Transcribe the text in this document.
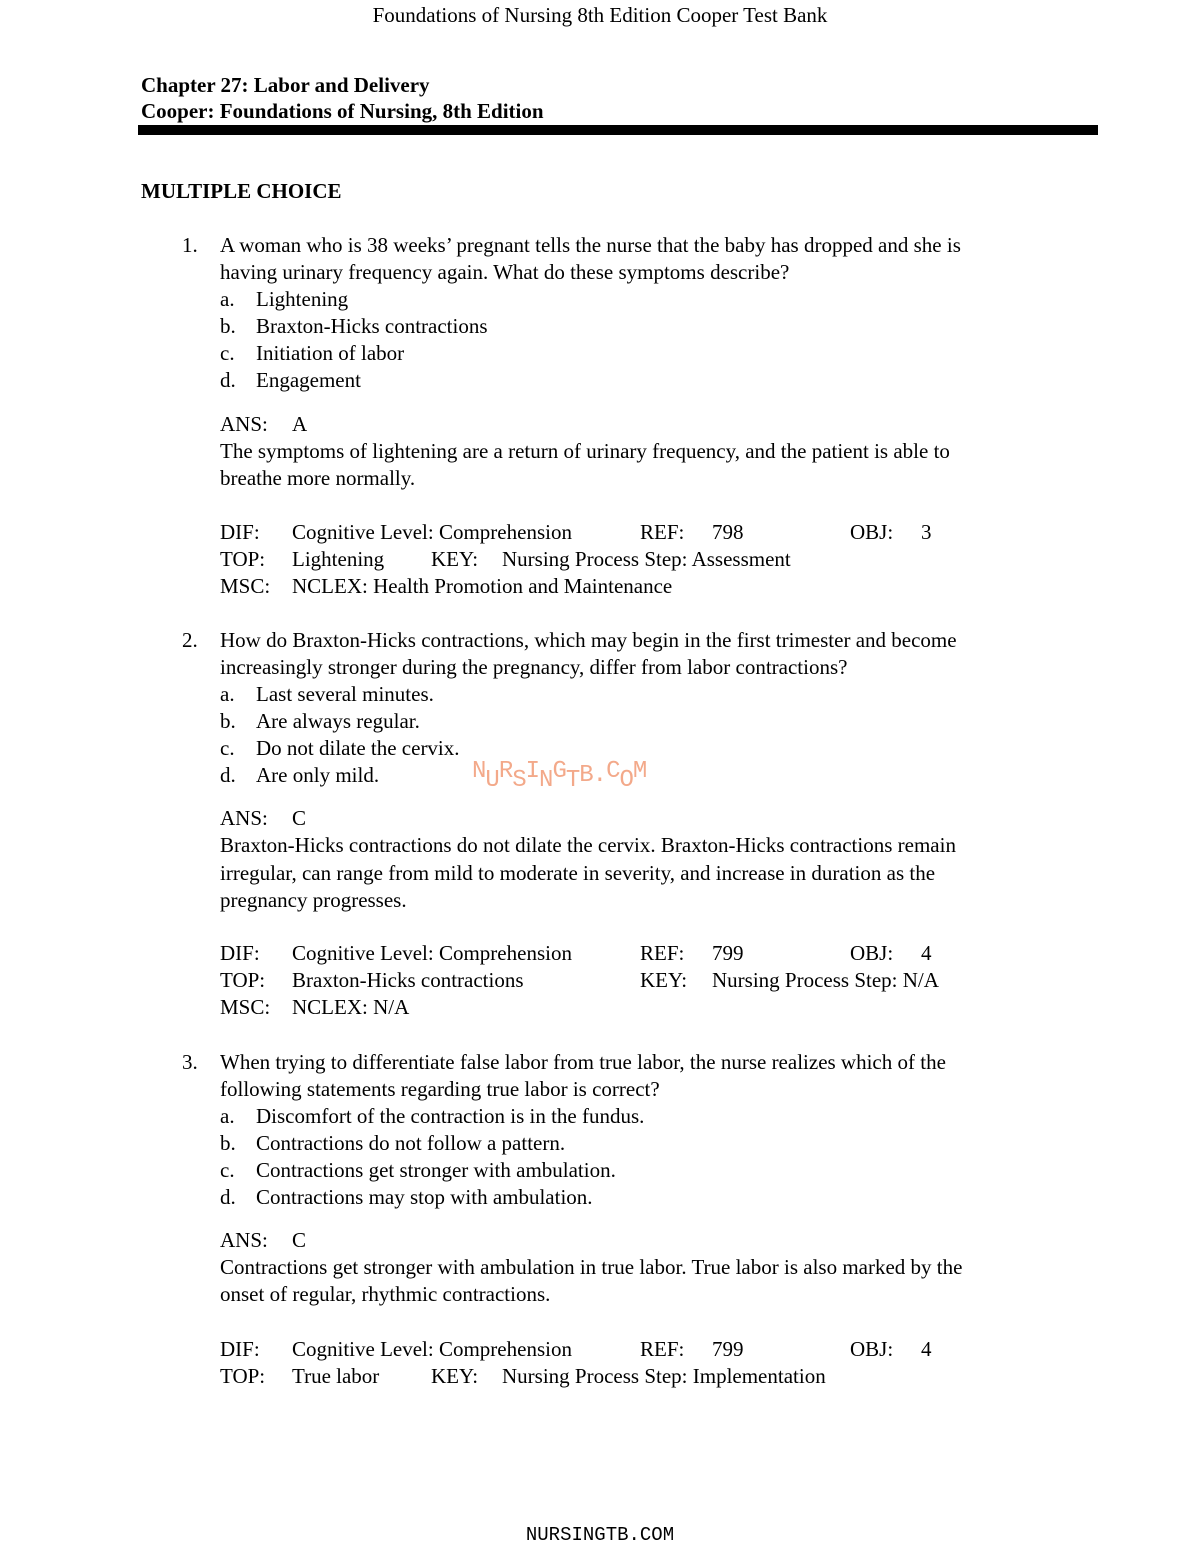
Foundations of Nursing 8th Edition Cooper Test Bank
Chapter 27: Labor and Delivery
Cooper: Foundations of Nursing, 8th Edition
MULTIPLE CHOICE
1. A woman who is 38 weeks’ pregnant tells the nurse that the baby has dropped and she is
having urinary frequency again. What do these symptoms describe?
a. Lightening
b. Braxton-Hicks contractions
c. Initiation of labor
d. Engagement
ANS: A
The symptoms of lightening are a return of urinary frequency, and the patient is able to
breathe more normally.
DIF: Cognitive Level: Comprehension	REF: 798	OBJ: 3
TOP: Lightening KEY: Nursing Process Step: Assessment
MSC: NCLEX: Health Promotion and Maintenance
2. How do Braxton-Hicks contractions, which may begin in the first trimester and become
increasingly stronger during the pregnancy, differ from labor contractions?
a. Last several minutes.
b. Are always regular.
c. Do not dilate the cervix.
d. Are only mild.
ANS: C
Braxton-Hicks contractions do not dilate the cervix. Braxton-Hicks contractions remain
irregular, can range from mild to moderate in severity, and increase in duration as the
pregnancy progresses.
DIF: Cognitive Level: Comprehension	REF: 799	OBJ: 4
TOP: Braxton-Hicks contractions	KEY: Nursing Process Step: N/A
MSC: NCLEX: N/A
3. When trying to differentiate false labor from true labor, the nurse realizes which of the
following statements regarding true labor is correct?
a. Discomfort of the contraction is in the fundus.
b. Contractions do not follow a pattern.
c. Contractions get stronger with ambulation.
d. Contractions may stop with ambulation.
ANS: C
Contractions get stronger with ambulation in true labor. True labor is also marked by the
onset of regular, rhythmic contractions.
DIF: Cognitive Level: Comprehension	REF: 799	OBJ: 4
TOP: True labor KEY: Nursing Process Step: Implementation
NURSINGTB.COM
NURSINGTB.COM
